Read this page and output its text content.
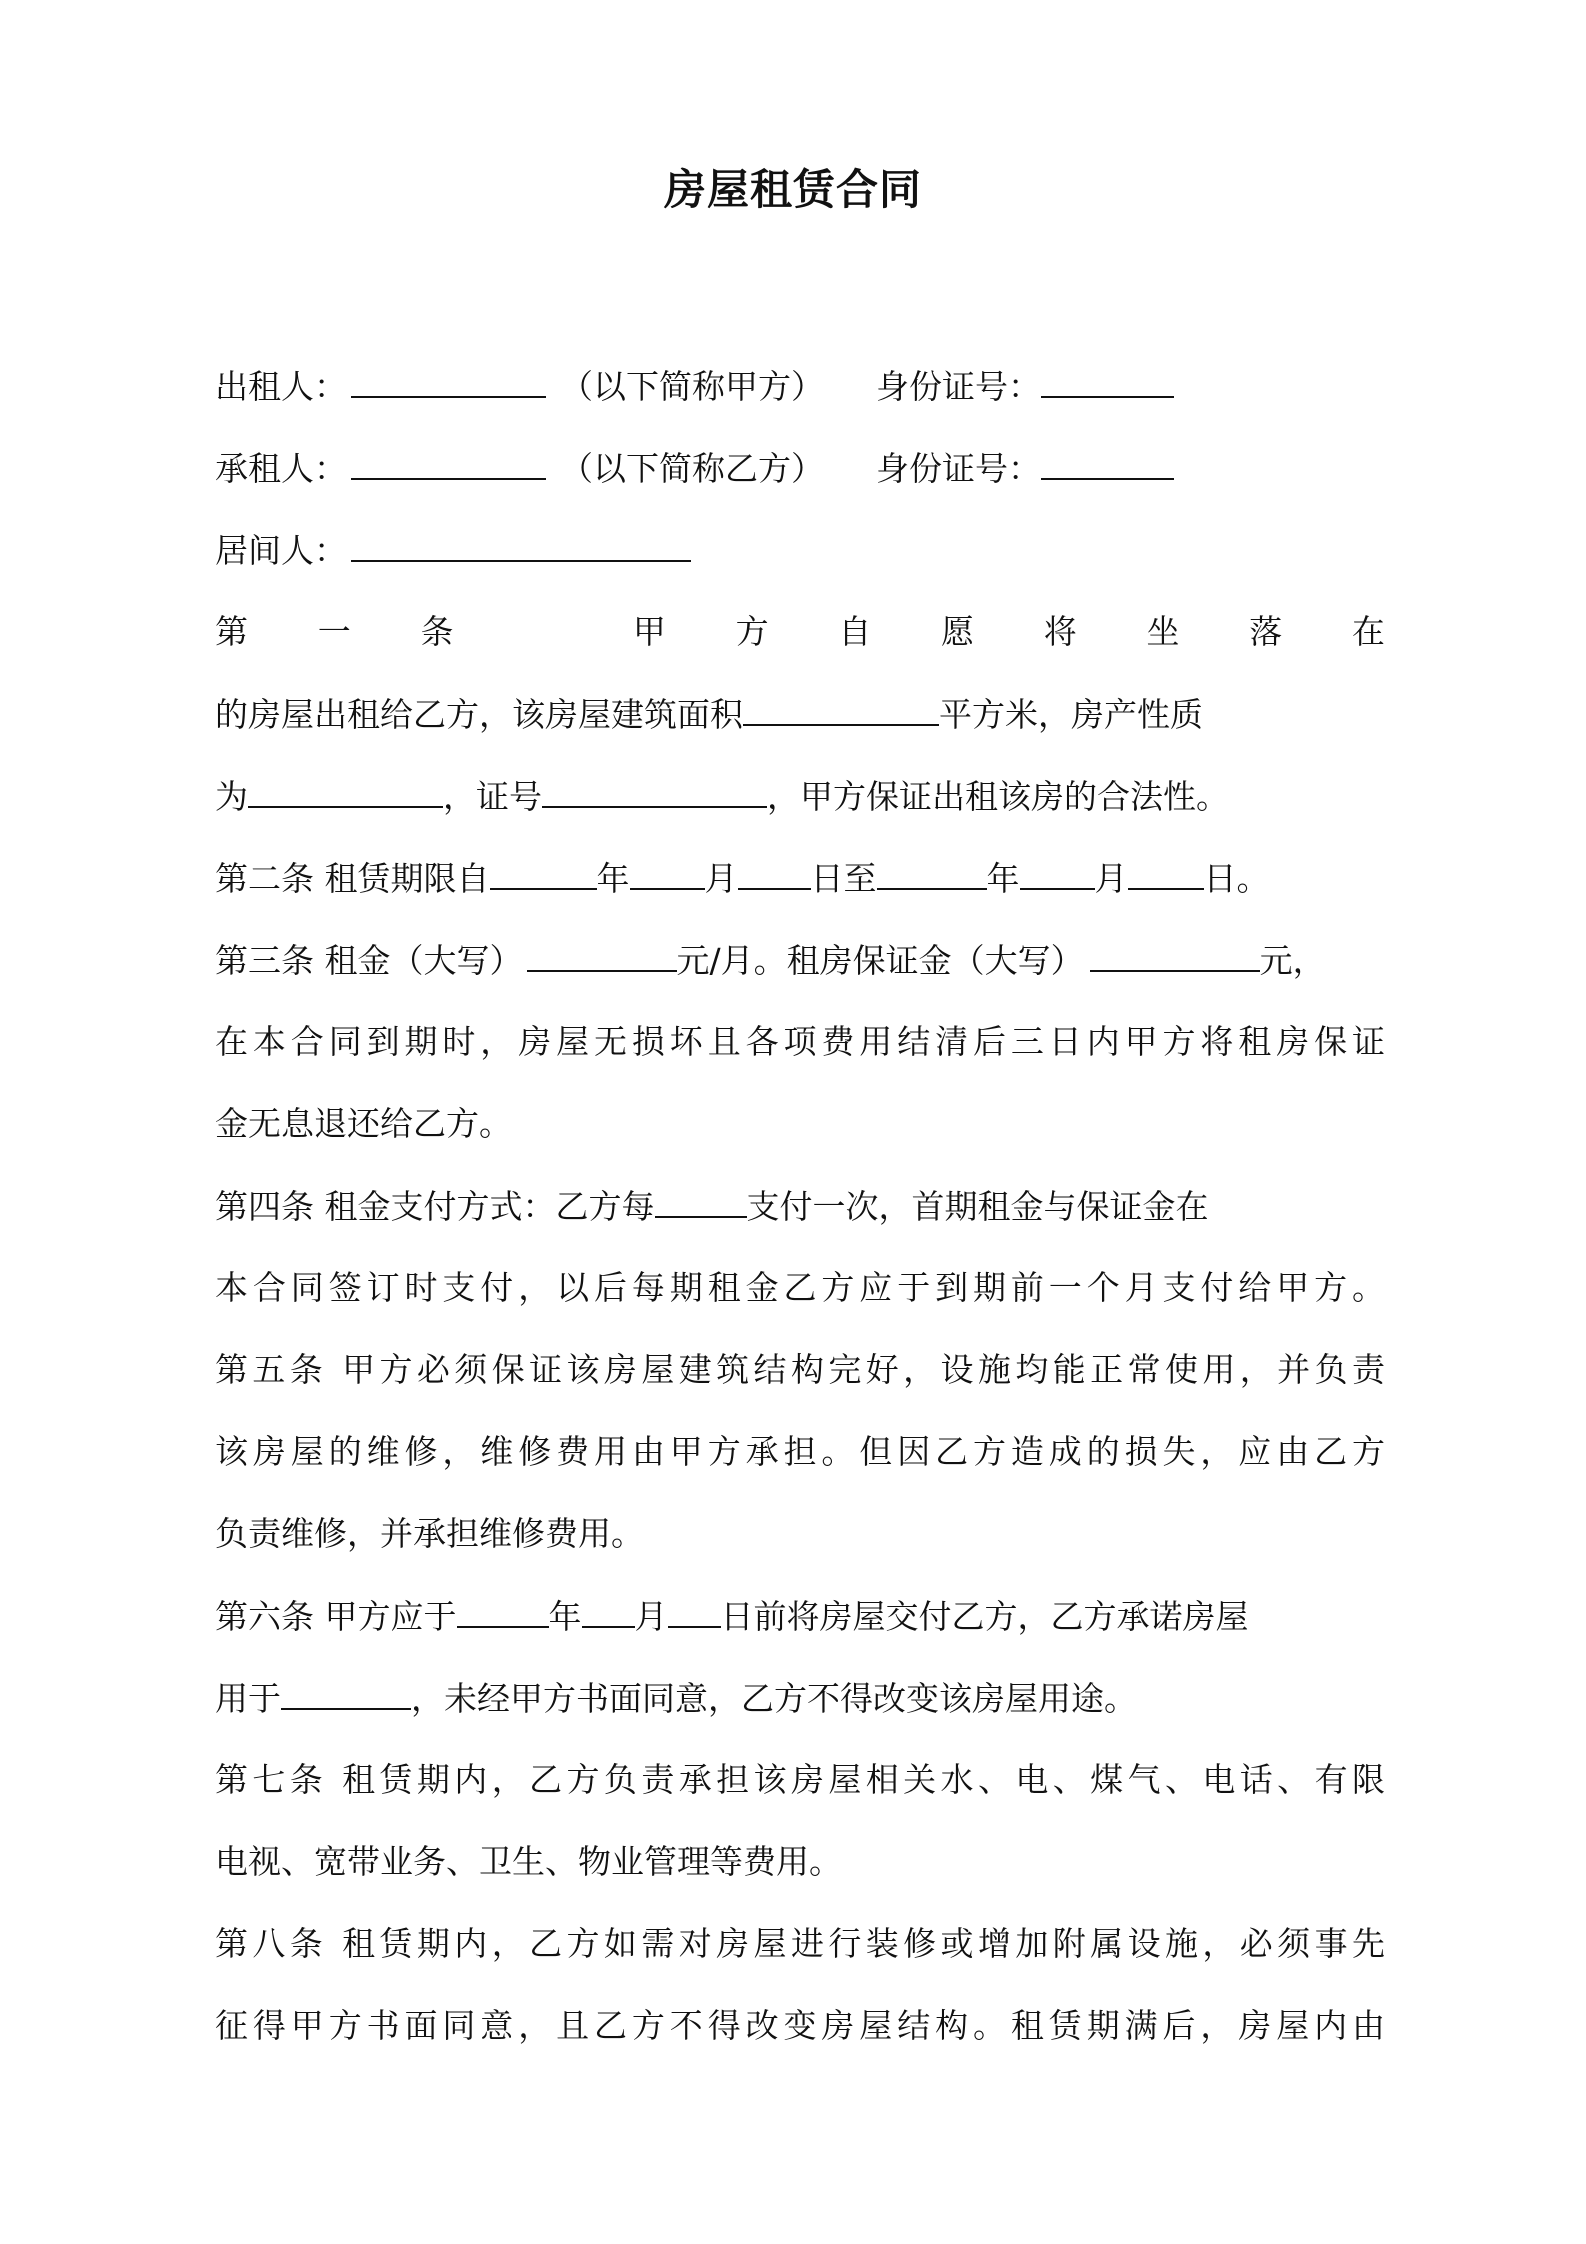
房屋租赁合同
出租人：	（以下简称甲方） 身份证号：
承租人：	（以下简称乙方） 身份证号：
居间人：
第 一 条	甲 方 自 愿 将 坐 落 在
的房屋出租给乙方，该房屋建筑面积	平方米，房产性质
为	，证号	，甲方保证出租该房的合法性。
第二条 租赁期限自	年 月 日至	年 月 日。
第三条 租金（大写）	元/月。租房保证金（大写）	元，
在本合同到期时，房屋无损坏且各项费用结清后三日内甲方将租房保证
金无息退还给乙方。
第四条 租金支付方式：乙方每	支付一次，首期租金与保证金在
本合同签订时支付，以后每期租金乙方应于到期前一个月支付给甲方。
第五条 甲方必须保证该房屋建筑结构完好，设施均能正常使用，并负责
该房屋的维修，维修费用由甲方承担。但因乙方造成的损失，应由乙方
负责维修，并承担维修费用。
第六条 甲方应于	年 月 日前将房屋交付乙方，乙方承诺房屋
用于	，未经甲方书面同意，乙方不得改变该房屋用途。
第七条 租赁期内，乙方负责承担该房屋相关水、电、煤气、电话、有限
电视、宽带业务、卫生、物业管理等费用。
第八条 租赁期内，乙方如需对房屋进行装修或增加附属设施，必须事先
征得甲方书面同意，且乙方不得改变房屋结构。租赁期满后，房屋内由
